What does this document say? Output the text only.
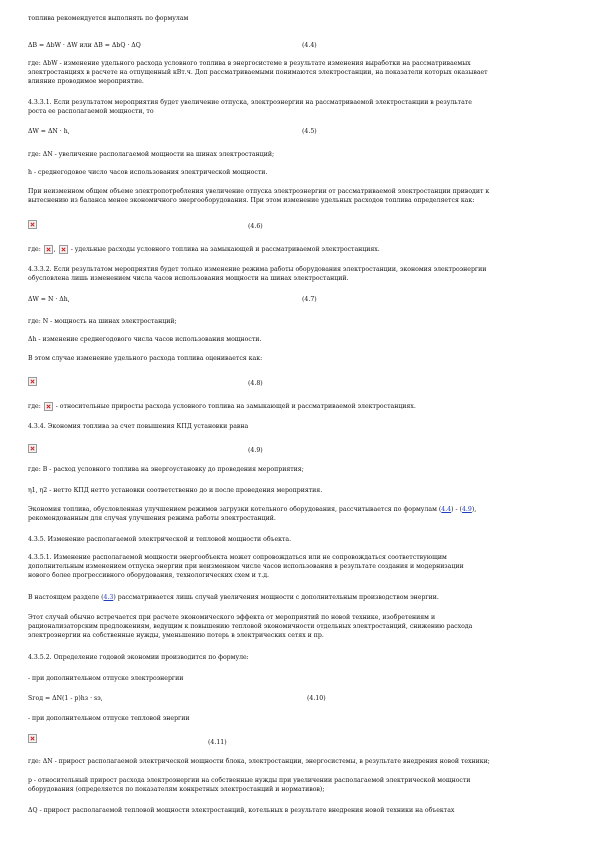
топлива рекомендуется выполнять по формулам
ΔB = ΔbW · ΔW или ΔB = ΔbQ · ΔQ	(4.4)
где: ΔbW - изменение удельного расхода условного топлива в энергосистеме в результате изменения выработки на рассматриваемых
электростанциях в расчете на отпущенный кВт.ч. Доп рассматриваемыми понимаются электростанции, на показатели которых оказывает
влияние проводимое мероприятие.
4.3.3.1. Если результатом мероприятия будет увеличение отпуска, электроэнергии на рассматриваемой электростанции в результате
роста ее располагаемой мощности, то
ΔW = ΔN · h,	(4.5)
где: ΔN - увеличение располагаемой мощности на шинах электростанций;
h - среднегодовое число часов использования электрической мощности.
При неизменном общем объеме электропотребления увеличение отпуска электроэнергии от рассматриваемой электростанции приводит к
вытеснению из баланса менее экономичного энергооборудования. При этом изменение удельных расходов топлива определяется как:
(4.6)
где: ,  - удельные расходы условного топлива на замыкающей и рассматриваемой электростанциях.
4.3.3.2. Если результатом мероприятия будет только изменение режима работы оборудования электростанции, экономия электроэнергии
обусловлена лишь изменением числа часов использования мощности на шинах электростанций.
ΔW = N · Δh,	(4.7)
где: N - мощность на шинах электростанций;
Δh - изменение среднегодового числа часов использования мощности.
В этом случае изменение удельного расхода топлива оценивается как:
(4.8)
где: - относительные приросты расхода условного топлива на замыкающей и рассматриваемой электростанциях.
4.3.4. Экономия топлива за счет повышения КПД установки равна
(4.9)
где: B - расход условного топлива на энергоустановку до проведения мероприятия;
η1, η2 - нетто КПД нетто установки соответственно до и после проведения мероприятия.
Экономия топлива, обусловленная улучшением режимов загрузки котельного оборудования, рассчитывается по формулам (4.4) - (4.9),
рекомендованным для случая улучшения режима работы электростанций.
4.3.5. Изменение располагаемой электрической и тепловой мощности объекта.
4.3.5.1. Изменение располагаемой мощности энергообъекта может сопровождаться или не сопровождаться соответствующим
дополнительным изменением отпуска энергии при неизменном числе часов использования в результате создания и модернизации
нового более прогрессивного оборудования, технологических схем и т.д.
В настоящем разделе (4.3) рассматривается лишь случай увеличения мощности с дополнительным производством энергии.
Этот случай обычно встречается при расчете экономического эффекта от мероприятий по новой технике, изобретениям и
рационализаторским предложениям, ведущим к повышению тепловой экономичности отдельных электростанций, снижению расхода
электроэнергии на собственные нужды, уменьшению потерь в электрических сетях и пр.
4.3.5.2. Определение годовой экономии производится по формуле:
- при дополнительном отпуске электроэнергии
Sгод = ΔN(1 - p)hз · sэ,	(4.10)
- при дополнительном отпуске тепловой энергии
(4.11)
где: ΔN - прирост располагаемой электрической мощности блока, электростанции, энергосистемы, в результате внедрения новой техники;
p - относительный прирост расхода электроэнергии на собственные нужды при увеличении располагаемой электрической мощности
оборудования (определяется по показателям конкретных электростанций и нормативов);
ΔQ - прирост располагаемой тепловой мощности электростанций, котельных в результате внедрения новой техники на объектах
